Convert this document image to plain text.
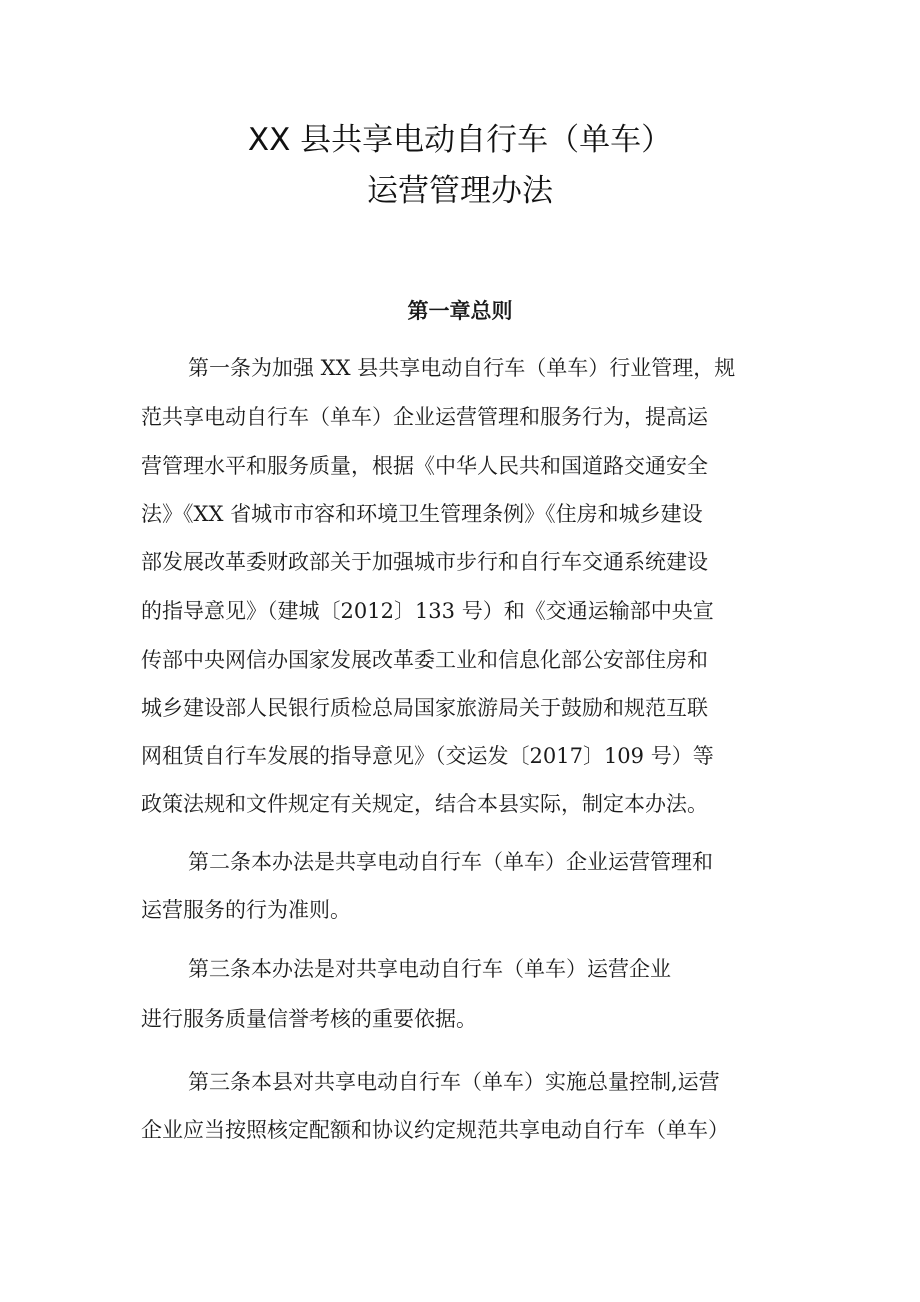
XX 县共享电动自行车（单车）
运营管理办法
第一章总则

第一条为加强 XX 县共享电动自行车（单车）行业管理，规

范共享电动自行车（单车）企业运营管理和服务行为，提高运

营管理水平和服务质量，根据《中华人民共和国道路交通安全

法》《XX 省城市市容和环境卫生管理条例》《住房和城乡建设

部发展改革委财政部关于加强城市步行和自行车交通系统建设

的指导意见》（建城〔2012〕133 号）和《交通运输部中央宣

传部中央网信办国家发展改革委工业和信息化部公安部住房和

城乡建设部人民银行质检总局国家旅游局关于鼓励和规范互联

网租赁自行车发展的指导意见》（交运发〔2017〕109 号）等

政策法规和文件规定有关规定，结合本县实际，制定本办法。

第二条本办法是共享电动自行车（单车）企业运营管理和

运营服务的行为准则。

第三条本办法是对共享电动自行车（单车）运营企业

进行服务质量信誉考核的重要依据。

第三条本县对共享电动自行车（单车）实施总量控制,运营

企业应当按照核定配额和协议约定规范共享电动自行车（单车）
